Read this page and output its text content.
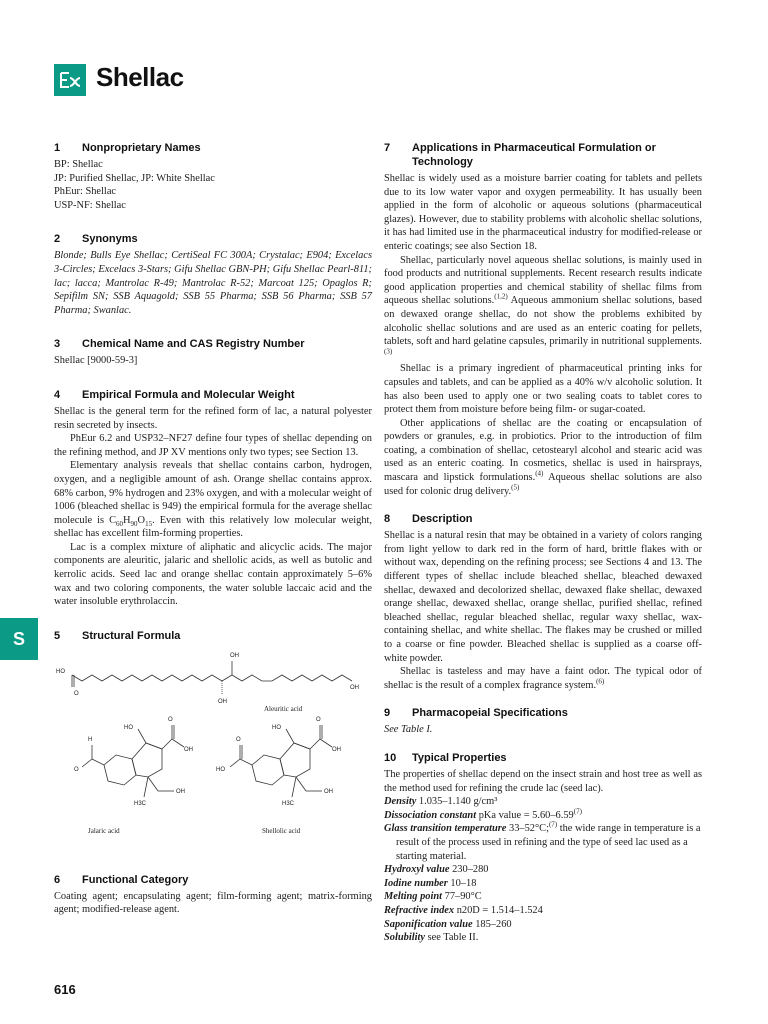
Shellac
S
1	Nonproprietary Names

BP: Shellac

JP: Purified Shellac, JP: White Shellac

PhEur: Shellac

USP-NF: Shellac

2	Synonyms

Blonde; Bulls Eye Shellac; CertiSeal FC 300A; Crystalac; E904; Excelacs 3-Circles; Excelacs 3-Stars; Gifu Shellac GBN-PH; Gifu Shellac Pearl-811; lac; lacca; Mantrolac R-49; Mantrolac R-52; Marcoat 125; Opaglos R; Sepifilm SN; SSB Aquagold; SSB 55 Pharma; SSB 56 Pharma; SSB 57 Pharma; Swanlac.

3	Chemical Name and CAS Registry Number

Shellac [9000-59-3]

4	Empirical Formula and Molecular Weight

Shellac is the general term for the refined form of lac, a natural polyester resin secreted by insects.

PhEur 6.2 and USP32–NF27 define four types of shellac depending on the refining method, and JP XV mentions only two types; see Section 13.

Elementary analysis reveals that shellac contains carbon, hydrogen, oxygen, and a negligible amount of ash. Orange shellac contains approx. 68% carbon, 9% hydrogen and 23% oxygen, and with a molecular weight of 1006 (bleached shellac is 949) the empirical formula for the average shellac molecule is $C_{60}H_{90}O_{15}$. Even with this relatively low molecular weight, shellac has excellent film-forming properties.

Lac is a complex mixture of aliphatic and alicyclic acids. The major components are aleuritic, jalaric and shellolic acids, as well as butolic and kerrolic acids. Seed lac and orange shellac contain approximately 5–6% wax and two coloring components, the water soluble laccaic acid and the water insoluble erythrolaccin.

5	Structural Formula
HO
O
OH
OH
OH
Aleuritic acid
H
O
HO
O
OH
OH
H3C
Jalaric acid
O
HO
HO
O
OH
OH
H3C
Shellolic acid
6	Functional Category

Coating agent; encapsulating agent; film-forming agent; matrix-forming agent; modified-release agent.

7	Applications in Pharmaceutical Formulation or Technology

Shellac is widely used as a moisture barrier coating for tablets and pellets due to its low water vapor and oxygen permeability. It has usually been applied in the form of alcoholic or aqueous solutions (pharmaceutical glazes). However, due to stability problems with alcoholic shellac solutions, it has had limited use in the pharmaceutical industry for modified-release or enteric coatings; see also Section 18.

Shellac, particularly novel aqueous shellac solutions, is mainly used in food products and nutritional supplements. Recent research results indicate good application properties and chemical stability of shellac films from aqueous shellac solutions.$^{(1,2)}$ Aqueous ammonium shellac solutions, based on dewaxed orange shellac, do not show the problems exhibited by alcoholic shellac solutions and are used as an enteric coating for pellets, tablets, soft and hard gelatine capsules, primarily in nutritional supplements.$^{(3)}$

Shellac is a primary ingredient of pharmaceutical printing inks for capsules and tablets, and can be applied as a 40% w/v alcoholic solution. It has also been used to apply one or two sealing coats to tablet cores to protect them from moisture before being film- or sugar-coated.

Other applications of shellac are the coating or encapsulation of powders or granules, e.g. in probiotics. Prior to the introduction of film coating, a combination of shellac, cetostearyl alcohol and stearic acid was used as an enteric coating. In cosmetics, shellac is used in hairsprays, mascara and lipstick formulations.$^{(4)}$ Aqueous shellac solutions are also used for colonic drug delivery.$^{(5)}$

8	Description

Shellac is a natural resin that may be obtained in a variety of colors ranging from light yellow to dark red in the form of hard, brittle flakes with or without wax, depending on the refining process; see Sections 4 and 13. The different types of shellac include bleached shellac, bleached dewaxed shellac, dewaxed and decolorized shellac, dewaxed flake shellac, dewaxed orange shellac, dewaxed shellac, orange shellac, purified shellac, refined bleached shellac, regular bleached shellac, regular waxy shellac, wax-containing shellac, and white shellac. The flakes may be crushed or milled to a coarse or fine powder. Bleached shellac is supplied as a coarse off-white powder.

Shellac is tasteless and may have a faint odor. The typical odor of shellac is the result of a complex fragrance system.$^{(6)}$

9	Pharmacopeial Specifications

See Table I.

10	Typical Properties

The properties of shellac depend on the insect strain and host tree as well as the method used for refining the crude lac (seed lac).

Density 1.035–1.140 g/cm³

Dissociation constant pKa value = $5.60-6.59^{(7)}$

Glass transition temperature 33–52°C;$^{(7)}$ the wide range in temperature is a result of the process used in refining and the type of seed lac used as a starting material.

Hydroxyl value 230–280

Iodine number 10–18

Melting point 77–90°C

Refractive index n20D = 1.514–1.524

Saponification value 185–260

Solubility see Table II.

616
